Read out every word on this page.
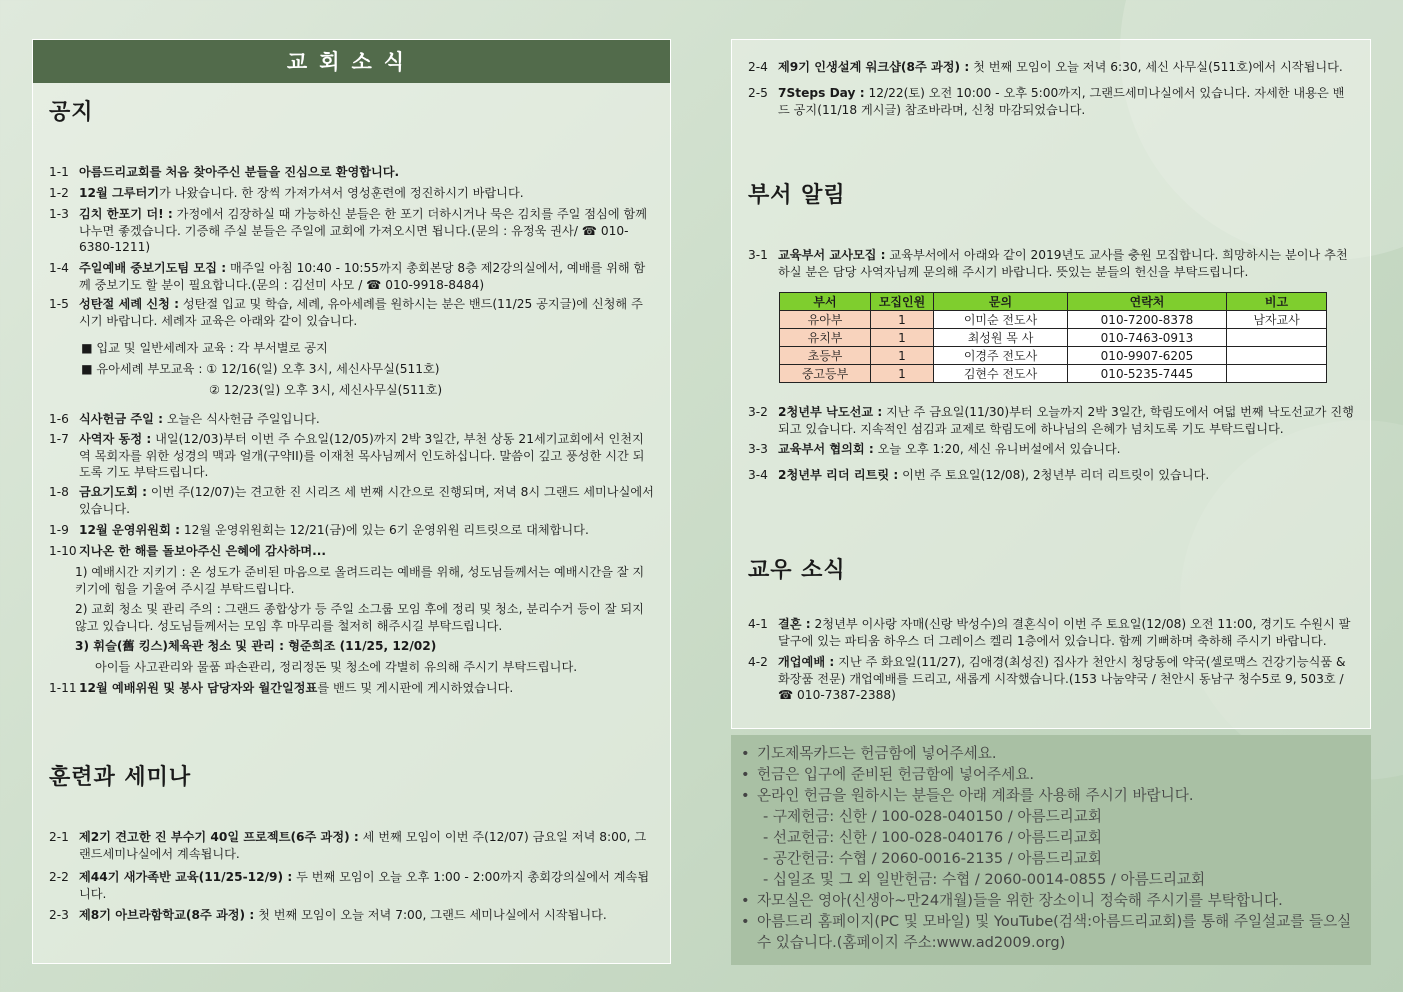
교회소식
공지
1-1 아름드리교회를 처음 찾아주신 분들을 진심으로 환영합니다.
1-2 12월 그루터기가 나왔습니다. 한 장씩 가져가셔서 영성훈련에 정진하시기 바랍니다.
1-3 김치 한포기 더! : 가정에서 김장하실 때 가능하신 분들은 한 포기 더하시거나 묵은 김치를 주일 점심에 함께 나누면 좋겠습니다. 기증해 주실 분들은 주일에 교회에 가져오시면 됩니다.(문의 : 유정욱 권사/ ☎ 010-6380-1211)
1-4 주일예배 중보기도팀 모집 : 매주일 아침 10:40 - 10:55까지 총회본당 8층 제2강의실에서, 예배를 위해 함께 중보기도 할 분이 필요합니다.(문의 : 김선미 사모 / ☎ 010-9918-8484)
1-5 성탄절 세례 신청 : 성탄절 입교 및 학습, 세례, 유아세례를 원하시는 분은 밴드(11/25 공지글)에 신청해 주시기 바랍니다. 세례자 교육은 아래와 같이 있습니다.
■ 입교 및 일반세례자 교육 : 각 부서별로 공지
■ 유아세례 부모교육 : ① 12/16(일) 오후 3시, 세신사무실(511호)
② 12/23(일) 오후 3시, 세신사무실(511호)
1-6 식사헌금 주일 : 오늘은 식사헌금 주일입니다.
1-7 사역자 동정 : 내일(12/03)부터 이번 주 수요일(12/05)까지 2박 3일간, 부천 상동 21세기교회에서 인천지역 목회자를 위한 성경의 맥과 얼개(구약II)를 이재천 목사님께서 인도하십니다. 말씀이 깊고 풍성한 시간 되도록 기도 부탁드립니다.
1-8 금요기도회 : 이번 주(12/07)는 견고한 진 시리즈 세 번째 시간으로 진행되며, 저녁 8시 그랜드 세미나실에서 있습니다.
1-9 12월 운영위원회 : 12월 운영위원회는 12/21(금)에 있는 6기 운영위원 리트릿으로 대체합니다.
1-10 지나온 한 해를 돌보아주신 은혜에 감사하며...
1) 예배시간 지키기 : 온 성도가 준비된 마음으로 올려드리는 예배를 위해, 성도님들께서는 예배시간을 잘 지키기에 힘을 기울여 주시길 부탁드립니다.
2) 교회 청소 및 관리 주의 : 그랜드 종합상가 등 주일 소그룹 모임 후에 정리 및 청소, 분리수거 등이 잘 되지 않고 있습니다. 성도님들께서는 모임 후 마무리를 철저히 해주시길 부탁드립니다.
3) 휘슬(舊 킹스)체육관 청소 및 관리 : 형준희조 (11/25, 12/02)
아이들 사고관리와 물품 파손관리, 정리정돈 및 청소에 각별히 유의해 주시기 부탁드립니다.
1-11 12월 예배위원 및 봉사 담당자와 월간일정표를 밴드 및 게시판에 게시하였습니다.
훈련과 세미나
2-1 제2기 견고한 진 부수기 40일 프로젝트(6주 과정) : 세 번째 모임이 이번 주(12/07) 금요일 저녁 8:00, 그랜드세미나실에서 계속됩니다.
2-2 제44기 새가족반 교육(11/25-12/9) : 두 번째 모임이 오늘 오후 1:00 - 2:00까지 총회강의실에서 계속됩니다.
2-3 제8기 아브라함학교(8주 과정) : 첫 번째 모임이 오늘 저녁 7:00, 그랜드 세미나실에서 시작됩니다.
2-4 제9기 인생설계 워크샵(8주 과정) : 첫 번째 모임이 오늘 저녁 6:30, 세신 사무실(511호)에서 시작됩니다.
2-5 7Steps Day : 12/22(토) 오전 10:00 - 오후 5:00까지, 그랜드세미나실에서 있습니다. 자세한 내용은 밴드 공지(11/18 게시글) 참조바라며, 신청 마감되었습니다.
부서 알림
3-1 교육부서 교사모집 : 교육부서에서 아래와 같이 2019년도 교사를 충원 모집합니다. 희망하시는 분이나 추천하실 분은 담당 사역자님께 문의해 주시기 바랍니다. 뜻있는 분들의 헌신을 부탁드립니다.
부서	모집인원	문의	연락처	비고
유아부	1	이미순 전도사	010-7200-8378	남자교사
유치부	1	최성원 목 사	010-7463-0913	
초등부	1	이경주 전도사	010-9907-6205	
중고등부	1	김현수 전도사	010-5235-7445	
3-2 2청년부 낙도선교 : 지난 주 금요일(11/30)부터 오늘까지 2박 3일간, 학림도에서 여덟 번째 낙도선교가 진행되고 있습니다. 지속적인 섬김과 교제로 학림도에 하나님의 은혜가 넘치도록 기도 부탁드립니다.
3-3 교육부서 협의회 : 오늘 오후 1:20, 세신 유니버설에서 있습니다.
3-4 2청년부 리더 리트릿 : 이번 주 토요일(12/08), 2청년부 리더 리트릿이 있습니다.
교우 소식
4-1 결혼 : 2청년부 이사랑 자매(신랑 박성수)의 결혼식이 이번 주 토요일(12/08) 오전 11:00, 경기도 수원시 팔달구에 있는 파티움 하우스 더 그레이스 켈리 1층에서 있습니다. 함께 기뻐하며 축하해 주시기 바랍니다.
4-2 개업예배 : 지난 주 화요일(11/27), 김애경(최성진) 집사가 천안시 청당동에 약국(셀로맥스 건강기능식품 & 화장품 전문) 개업예배를 드리고, 새롭게 시작했습니다.(153 나눔약국 / 천안시 동남구 청수5로 9, 503호 / ☎ 010-7387-2388)
• 기도제목카드는 헌금함에 넣어주세요.
• 헌금은 입구에 준비된 헌금함에 넣어주세요.
• 온라인 헌금을 원하시는 분들은 아래 계좌를 사용해 주시기 바랍니다.
- 구제헌금: 신한 / 100-028-040150 / 아름드리교회
- 선교헌금: 신한 / 100-028-040176 / 아름드리교회
- 공간헌금: 수협 / 2060-0016-2135 / 아름드리교회
- 십일조 및 그 외 일반헌금: 수협 / 2060-0014-0855 / 아름드리교회
• 자모실은 영아(신생아~만24개월)들을 위한 장소이니 정숙해 주시기를 부탁합니다.
• 아름드리 홈페이지(PC 및 모바일) 및 YouTube(검색:아름드리교회)를 통해 주일설교를 들으실 수 있습니다.(홈페이지 주소:www.ad2009.org)
